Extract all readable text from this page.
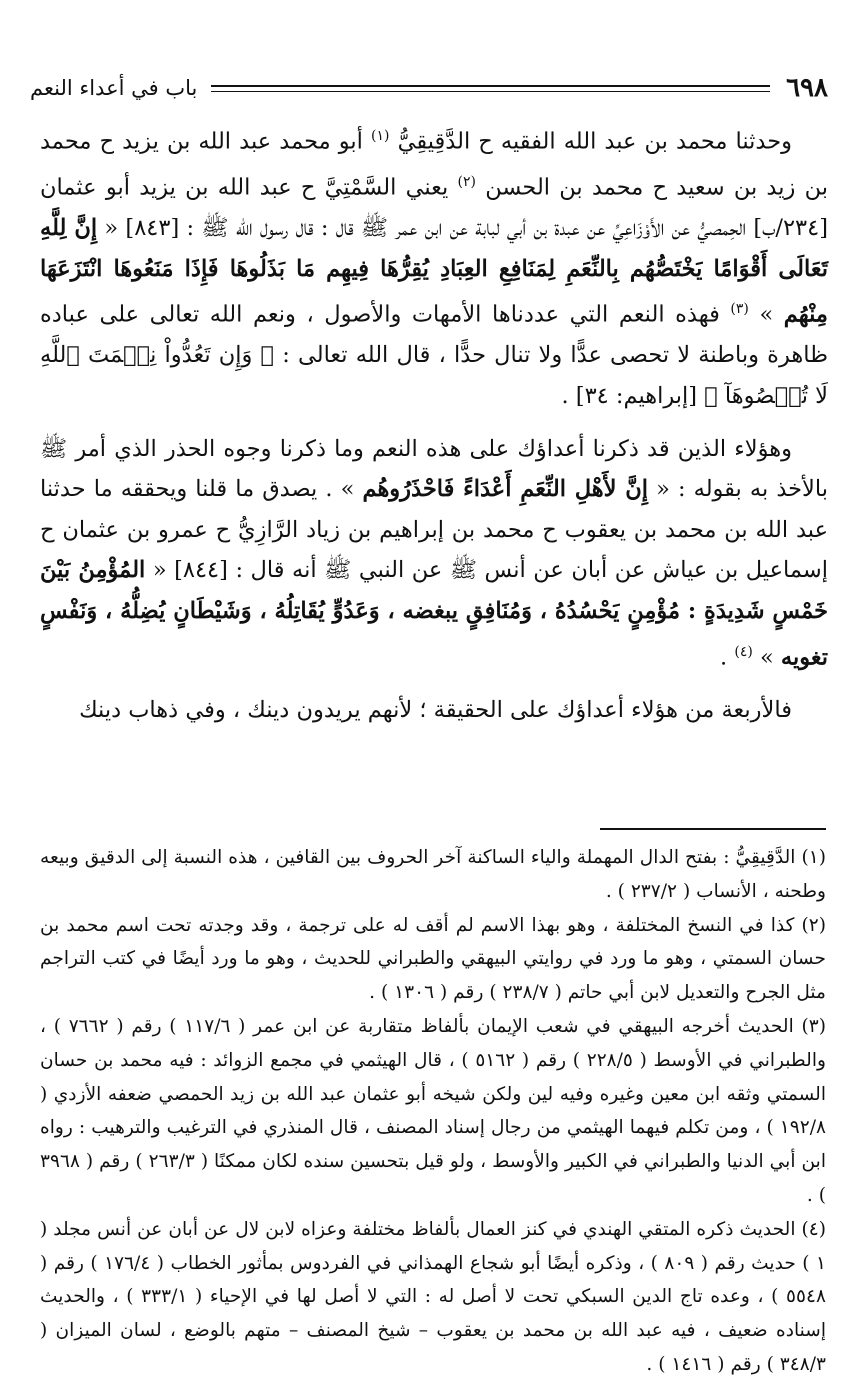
٦٩٨
باب في أعداء النعم

وحدثنا محمد بن عبد الله الفقيه ح الدَّقِيقِيُّ $^{(١)}$ أبو محمد عبد الله بن يزيد ح محمد بن زيد بن سعيد ح محمد بن الحسن $^{(٢)}$ يعني السَّمْتِيَّ ح عبد الله بن يزيد أبو عثمان [٢٣٤/ب] الحِمصيُّ عن الأَوْزَاعِيِّ عن عبدة بن أبي لبابة عن ابن عمر ﷺ قال : قال رسول الله ﷺ : [٨٤٣] « إِنَّ لِلَّهِ تَعَالَى أَقْوَامًا يَخْتَصُّهُم بِالنِّعَمِ لِمَنَافِعِ العِبَادِ يُقِرُّهَا فِيهِم مَا بَذَلُوهَا فَإِذَا مَنَعُوهَا انْتَزَعَهَا مِنْهُم » $^{(٣)}$ فهذه النعم التي عددناها الأمهات والأصول ، ونعم الله تعالى على عباده ظاهرة وباطنة لا تحصى عدًّا ولا تنال حدًّا ، قال الله تعالى : ﴿ وَإِن تَعُدُّواْ نِعۡمَتَ ٱللَّهِ لَا تُحۡصُوهَآ ﴾ [إبراهيم: ٣٤] .

وهؤلاء الذين قد ذكرنا أعداؤك على هذه النعم وما ذكرنا وجوه الحذر الذي أمر ﷺ بالأخذ به بقوله : « إِنَّ لأَهْلِ النِّعَمِ أَعْدَاءً فَاحْذَرُوهُم » . يصدق ما قلنا ويحققه ما حدثنا عبد الله بن محمد بن يعقوب ح محمد بن إبراهيم بن زياد الرَّازِيُّ ح عمرو بن عثمان ح إسماعيل بن عياش عن أبان عن أنس ﷺ عن النبي ﷺ أنه قال : [٨٤٤] « المُؤْمِنُ بَيْنَ خَمْسٍ شَدِيدَةٍ : مُؤْمِنٍ يَحْسُدُهُ ، وَمُنَافِقٍ يبغضه ، وَعَدُوٍّ يُقَاتِلُهُ ، وَشَيْطَانٍ يُضِلُّهُ ، وَنَفْسٍ تغويه » $^{(٤)}$ .

فالأربعة من هؤلاء أعداؤك على الحقيقة ؛ لأنهم يريدون دينك ، وفي ذهاب دينك

(١) الدَّقِيقِيُّ : بفتح الدال المهملة والياء الساكنة آخر الحروف بين القافين ، هذه النسبة إلى الدقيق وبيعه وطحنه ، الأنساب ( ٢٣٧/٢ ) .

(٢) كذا في النسخ المختلفة ، وهو بهذا الاسم لم أقف له على ترجمة ، وقد وجدته تحت اسم محمد بن حسان السمتي ، وهو ما ورد في روايتي البيهقي والطبراني للحديث ، وهو ما ورد أيضًا في كتب التراجم مثل الجرح والتعديل لابن أبي حاتم ( ٢٣٨/٧ ) رقم ( ١٣٠٦ ) .

(٣) الحديث أخرجه البيهقي في شعب الإيمان بألفاظ متقاربة عن ابن عمر ( ١١٧/٦ ) رقم ( ٧٦٦٢ ) ، والطبراني في الأوسط ( ٢٢٨/٥ ) رقم ( ٥١٦٢ ) ، قال الهيثمي في مجمع الزوائد : فيه محمد بن حسان السمتي وثقه ابن معين وغيره وفيه لين ولكن شيخه أبو عثمان عبد الله بن زيد الحمصي ضعفه الأزدي ( ١٩٢/٨ ) ، ومن تكلم فيهما الهيثمي من رجال إسناد المصنف ، قال المنذري في الترغيب والترهيب : رواه ابن أبي الدنيا والطبراني في الكبير والأوسط ، ولو قيل بتحسين سنده لكان ممكنًا ( ٢٦٣/٣ ) رقم ( ٣٩٦٨ ) .

(٤) الحديث ذكره المتقي الهندي في كنز العمال بألفاظ مختلفة وعزاه لابن لال عن أبان عن أنس مجلد ( ١ ) حديث رقم ( ٨٠٩ ) ، وذكره أيضًا أبو شجاع الهمذاني في الفردوس بمأثور الخطاب ( ١٧٦/٤ ) رقم ( ٥٥٤٨ ) ، وعده تاج الدين السبكي تحت لا أصل له : التي لا أصل لها في الإحياء ( ٣٣٣/١ ) ، والحديث إسناده ضعيف ، فيه عبد الله بن محمد بن يعقوب – شيخ المصنف – متهم بالوضع ، لسان الميزان ( ٣٤٨/٣ ) رقم ( ١٤١٦ ) .
